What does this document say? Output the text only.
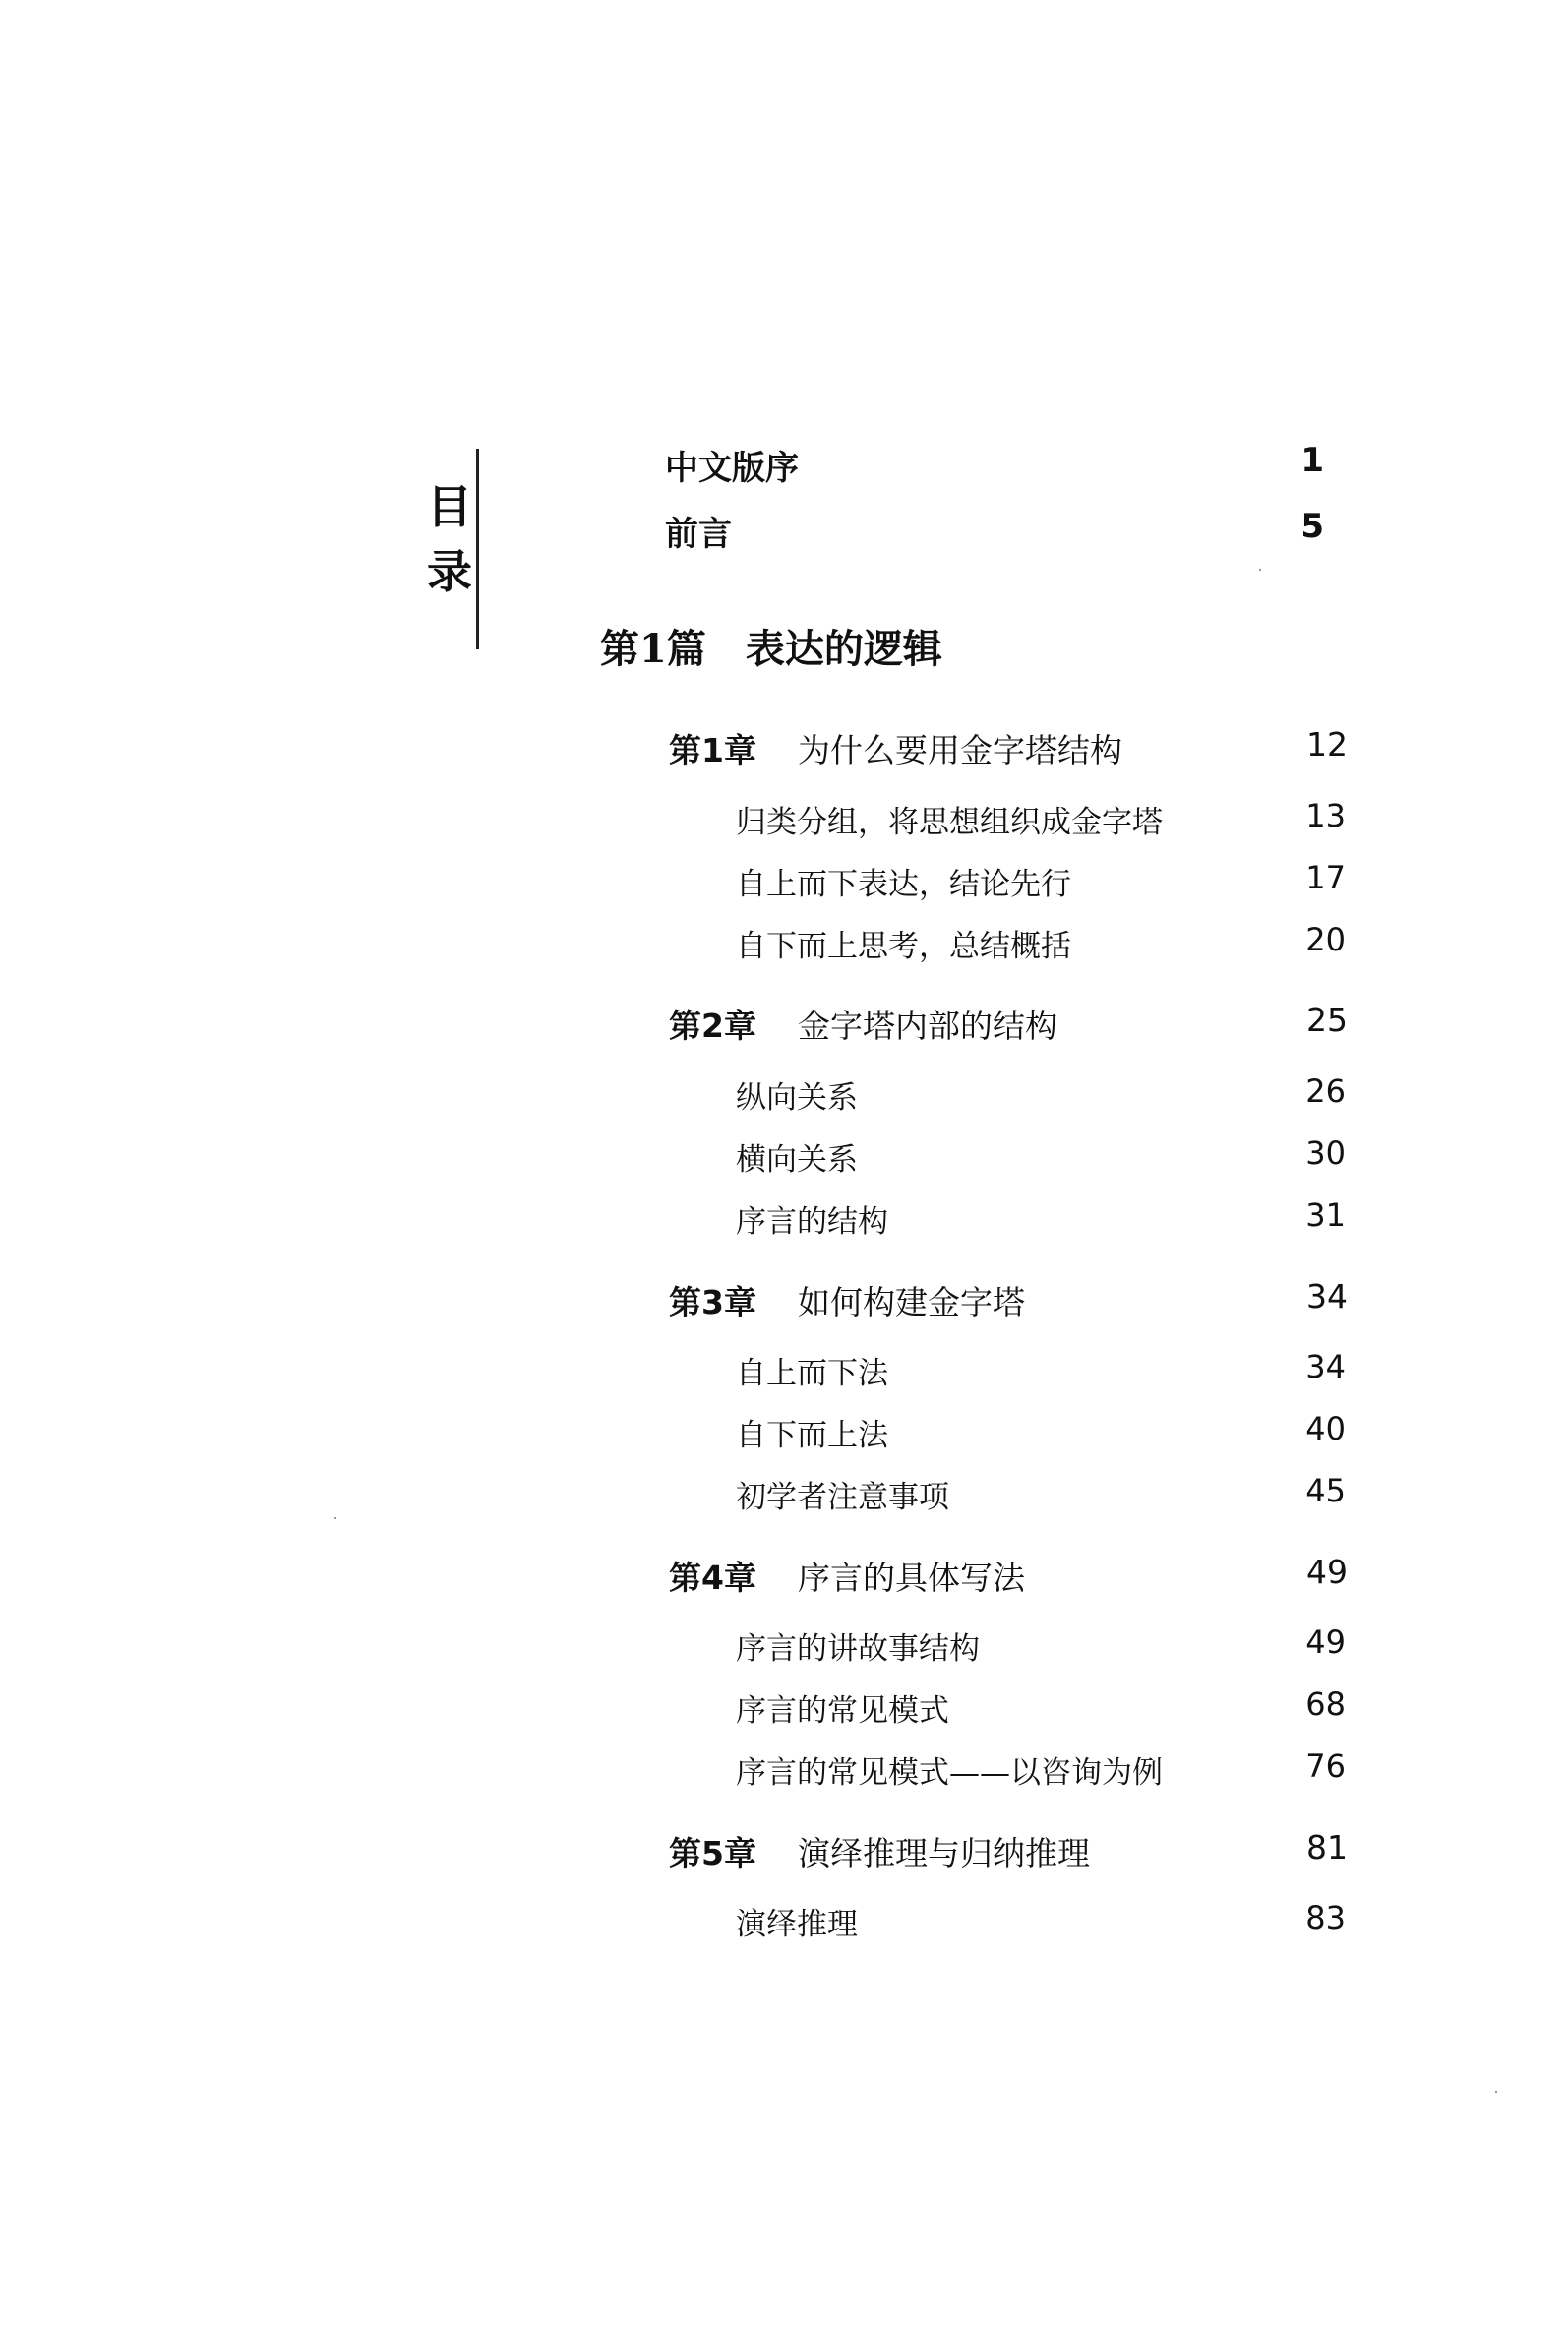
目
录
中文版序	1
前言	5
第1篇　表达的逻辑
第1章 为什么要用金字塔结构	12
归类分组，将思想组织成金字塔	13
自上而下表达，结论先行	17
自下而上思考，总结概括	20
第2章 金字塔内部的结构	25
纵向关系	26
横向关系	30
序言的结构	31
第3章 如何构建金字塔	34
自上而下法	34
自下而上法	40
初学者注意事项	45
第4章 序言的具体写法	49
序言的讲故事结构	49
序言的常见模式	68
序言的常见模式——以咨询为例	76
第5章 演绎推理与归纳推理	81
演绎推理	83
